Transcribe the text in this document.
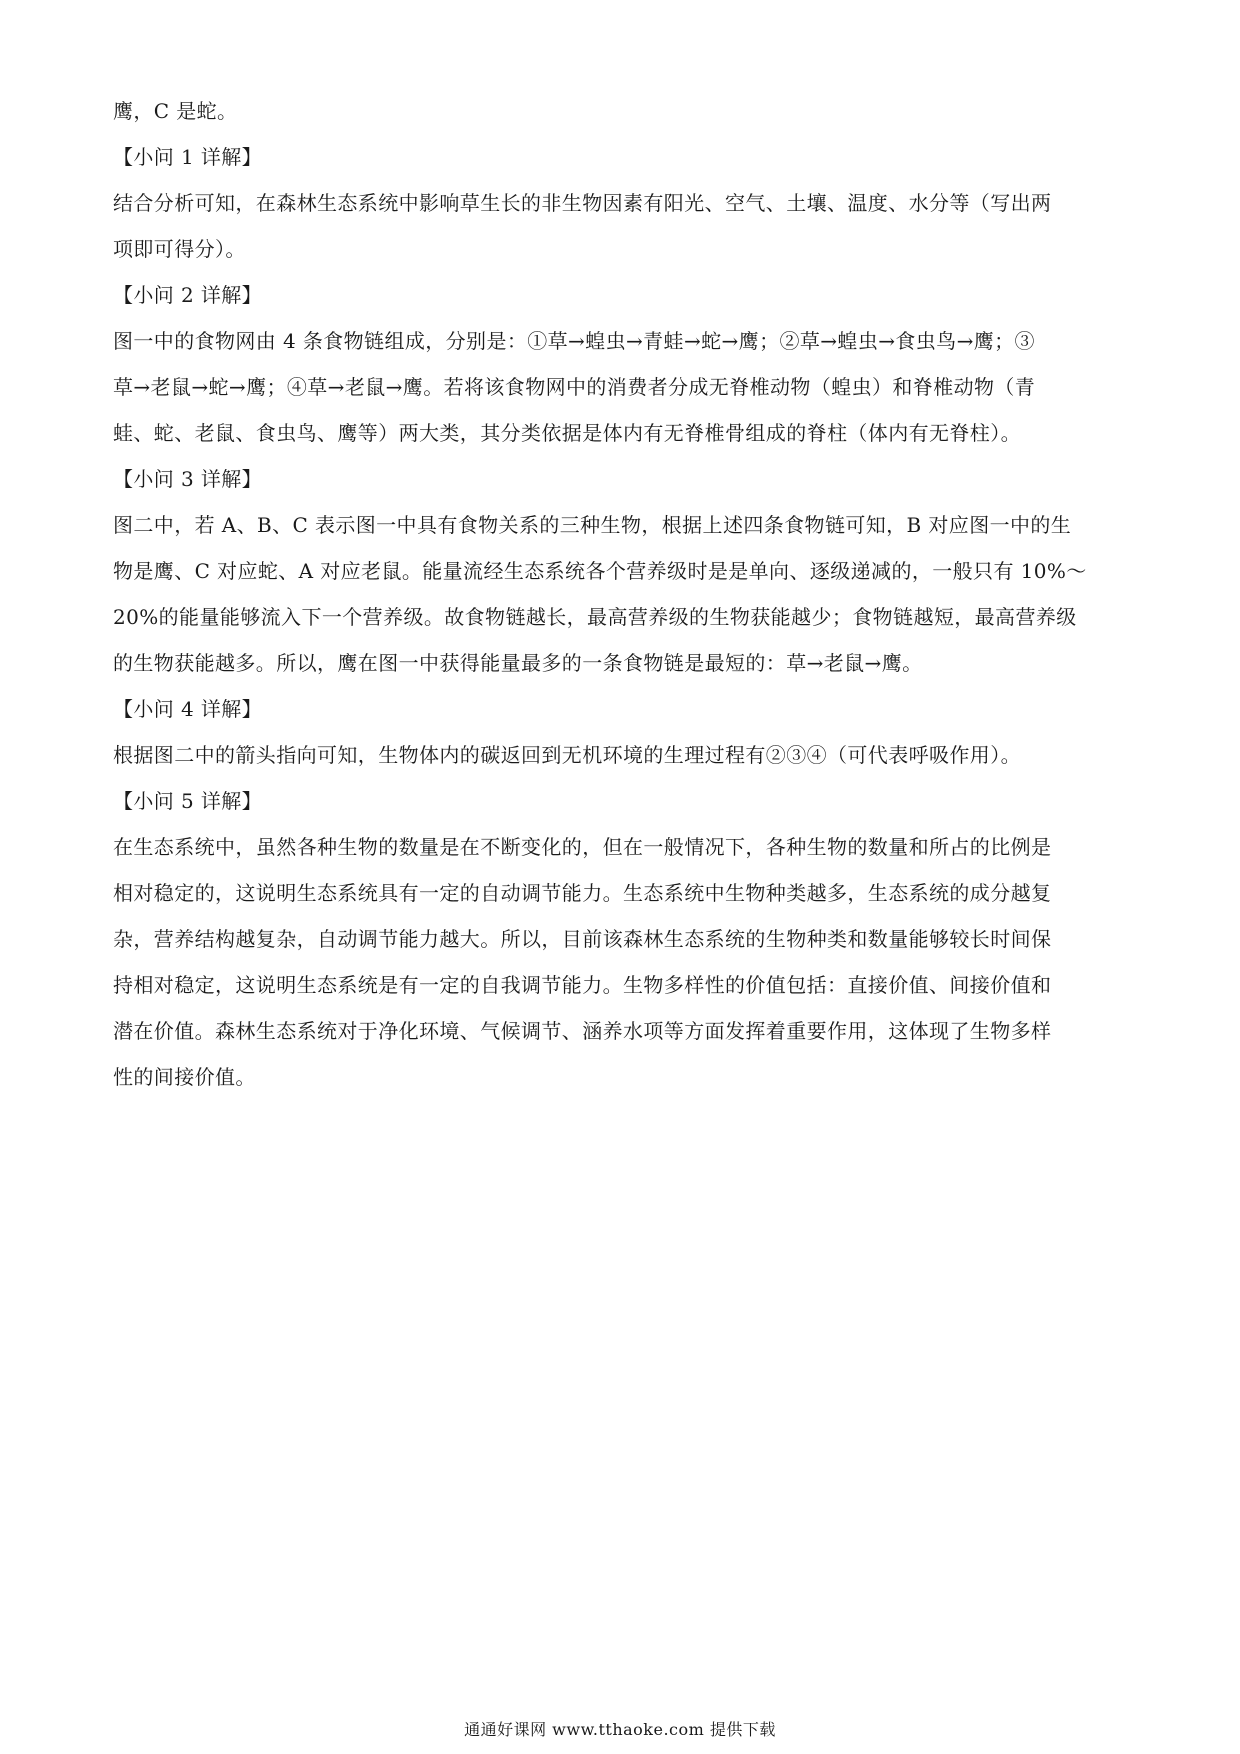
鹰，C 是蛇。
【小问 1 详解】
结合分析可知，在森林生态系统中影响草生长的非生物因素有阳光、空气、土壤、温度、水分等（写出两
项即可得分）。
【小问 2 详解】
图一中的食物网由 4 条食物链组成，分别是：①草→蝗虫→青蛙→蛇→鹰；②草→蝗虫→食虫鸟→鹰；③
草→老鼠→蛇→鹰；④草→老鼠→鹰。若将该食物网中的消费者分成无脊椎动物（蝗虫）和脊椎动物（青
蛙、蛇、老鼠、食虫鸟、鹰等）两大类，其分类依据是体内有无脊椎骨组成的脊柱（体内有无脊柱）。
【小问 3 详解】
图二中，若 A、B、C 表示图一中具有食物关系的三种生物，根据上述四条食物链可知，B 对应图一中的生
物是鹰、C 对应蛇、A 对应老鼠。能量流经生态系统各个营养级时是是单向、逐级递减的，一般只有 10%～
20%的能量能够流入下一个营养级。故食物链越长，最高营养级的生物获能越少；食物链越短，最高营养级
的生物获能越多。所以，鹰在图一中获得能量最多的一条食物链是最短的：草→老鼠→鹰。
【小问 4 详解】
根据图二中的箭头指向可知，生物体内的碳返回到无机环境的生理过程有②③④（可代表呼吸作用）。
【小问 5 详解】
在生态系统中，虽然各种生物的数量是在不断变化的，但在一般情况下，各种生物的数量和所占的比例是
相对稳定的，这说明生态系统具有一定的自动调节能力。生态系统中生物种类越多，生态系统的成分越复
杂，营养结构越复杂，自动调节能力越大。所以，目前该森林生态系统的生物种类和数量能够较长时间保
持相对稳定，这说明生态系统是有一定的自我调节能力。生物多样性的价值包括：直接价值、间接价值和
潜在价值。森林生态系统对于净化环境、气候调节、涵养水项等方面发挥着重要作用，这体现了生物多样
性的间接价值。
通通好课网 www.tthaoke.com 提供下载
